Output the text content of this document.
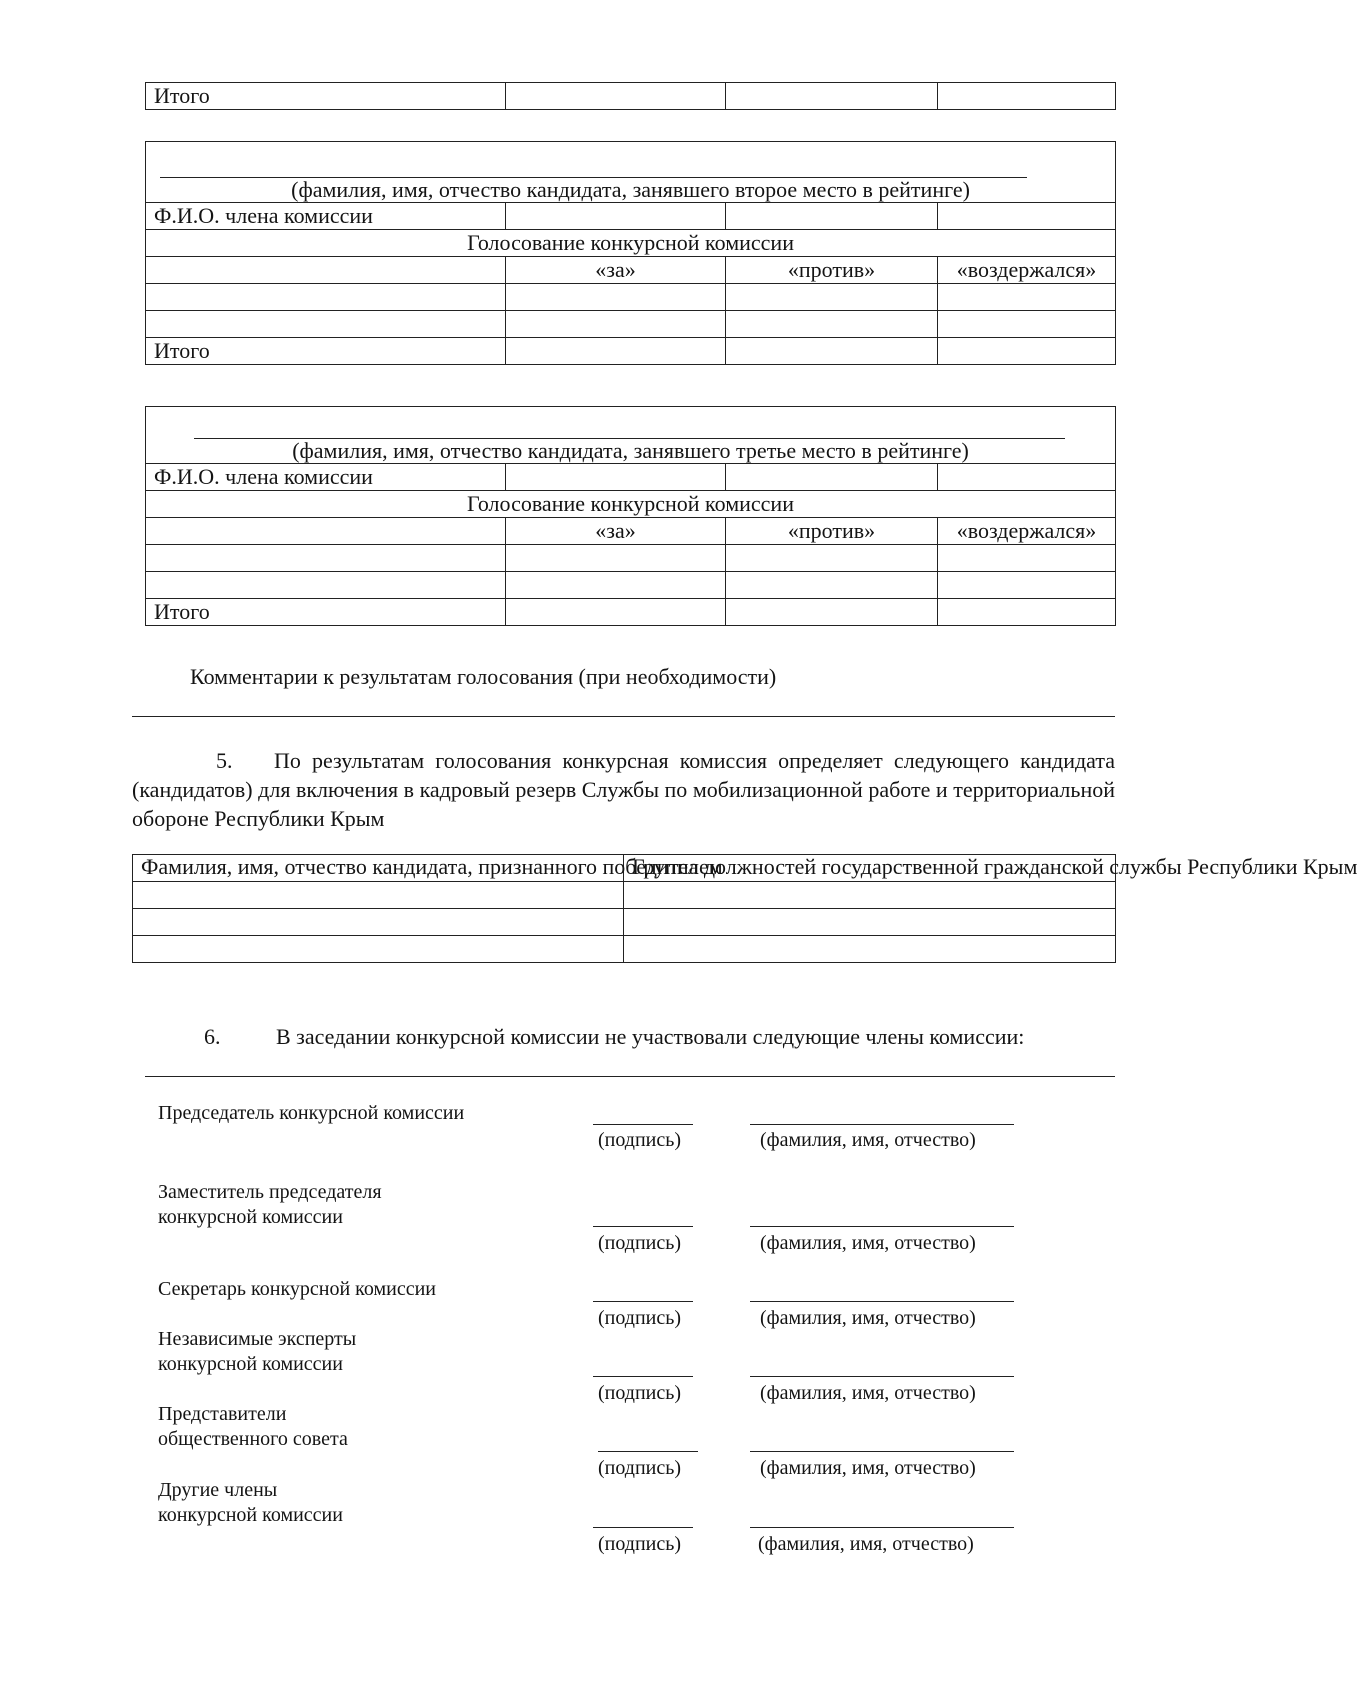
Итого			
(фамилия, имя, отчество кандидата, занявшего второе место в рейтинге)			

Ф.И.О. члена комиссии			
Голосование конкурсной комиссии			
	«за»	«против»	«воздержался»

Итого			
(фамилия, имя, отчество кандидата, занявшего третье место в рейтинге)			

Ф.И.О. члена комиссии			
Голосование конкурсной комиссии			
	«за»	«против»	«воздержался»

Итого			
Комментарии к результатам голосования (при необходимости)
5. По результатам голосования конкурсная комиссия определяет следующего кандидата (кандидатов) для включения в кадровый резерв Службы по мобилизационной работе и территориальной обороне Республики Крым
Фамилия, имя, отчество кандидата, признанного победителем	Группа должностей государственной гражданской службы Республики Крым

6.	В заседании конкурсной комиссии не участвовали следующие члены комиссии:
Председатель конкурсной комиссии
(подпись)	(фамилия, имя, отчество)
Заместитель председателя
конкурсной комиссии
(подпись)	(фамилия, имя, отчество)
Секретарь конкурсной комиссии
(подпись)	(фамилия, имя, отчество)
Независимые эксперты
конкурсной комиссии
(подпись)	(фамилия, имя, отчество)
Представители
общественного совета
(подпись)	(фамилия, имя, отчество)
Другие члены
конкурсной комиссии
(подпись)	(фамилия, имя, отчество)
